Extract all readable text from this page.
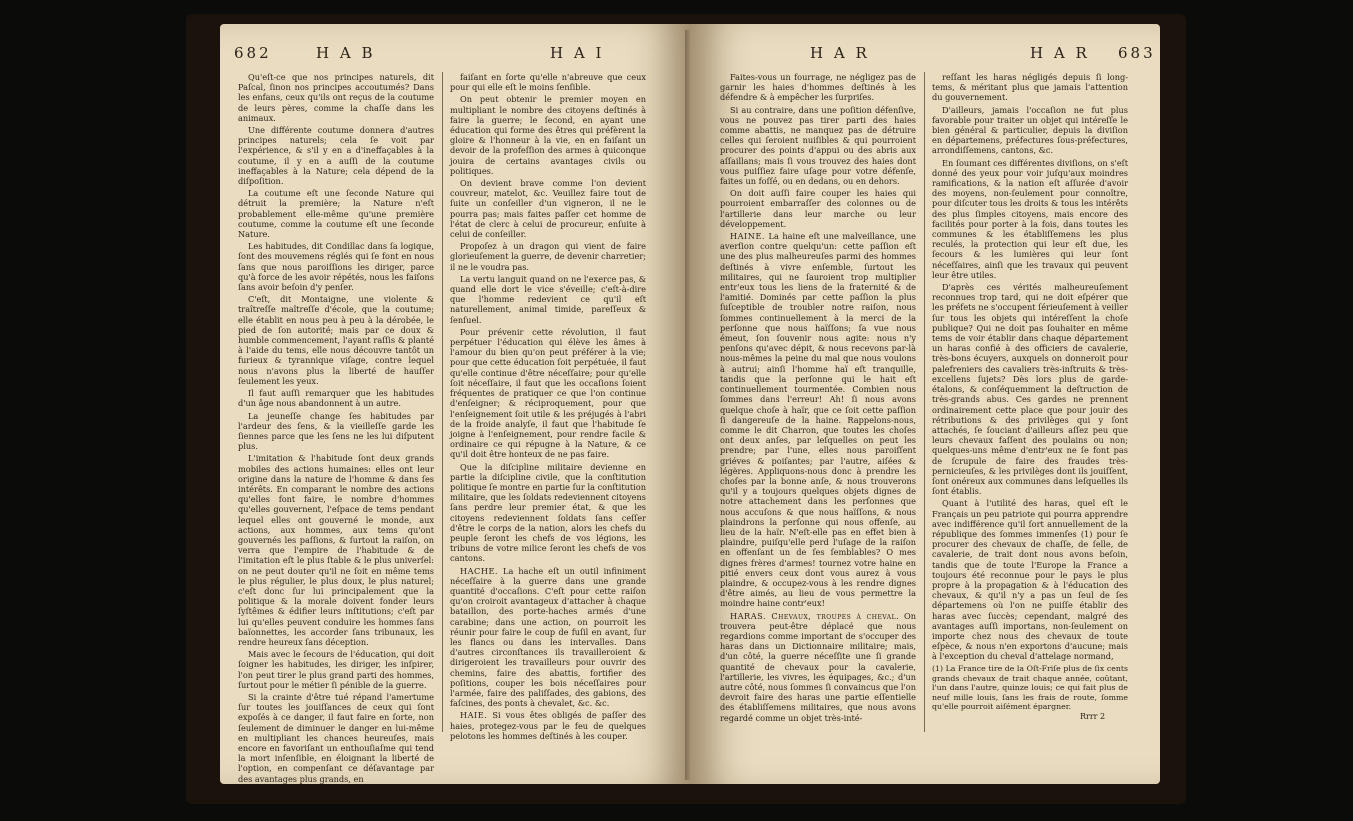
682	H A B	H A I

Qu'eſt-ce que nos principes naturels, dit Paſcal, ſinon nos principes accoutumés? Dans les enfans, ceux qu'ils ont reçus de la coutume de leurs pères, comme la chaſſe dans les animaux.

Une différente coutume donnera d'autres principes naturels; cela ſe voit par l'expérience, & s'il y en a d'ineffaçables à la coutume, il y en a auſſi de la coutume ineffaçables à la Nature; cela dépend de la diſpoſition.

La coutume eſt une ſeconde Nature qui détruit la première; la Nature n'eſt probablement elle-même qu'une première coutume, comme la coutume eſt une ſeconde Nature.

Les habitudes, dit Condillac dans ſa logique, ſont des mouvemens réglés qui ſe font en nous ſans que nous paroiſſions les diriger, parce qu'à force de les avoir répétés, nous les faiſons ſans avoir beſoin d'y penſer.

C'eſt, dit Montaigne, une violente & traîtreſſe maîtreſſe d'école, que la coutume; elle établit en nous peu à peu à la dérobée, le pied de ſon autorité; mais par ce doux & humble commencement, l'ayant raſſis & planté à l'aide du tems, elle nous découvre tantôt un furieux & tyrannique viſage, contre lequel nous n'avons plus la liberté de hauſſer ſeulement les yeux.

Il faut auſſi remarquer que les habitudes d'un âge nous abandonnent à un autre.

La jeuneſſe change ſes habitudes par l'ardeur des ſens, & la vieilleſſe garde les ſiennes parce que les ſens ne les lui diſputent plus.

L'imitation & l'habitude ſont deux grands mobiles des actions humaines: elles ont leur origine dans la nature de l'homme & dans ſes intérêts. En comparant le nombre des actions qu'elles font faire, le nombre d'hommes qu'elles gouvernent, l'eſpace de tems pendant lequel elles ont gouverné le monde, aux actions, aux hommes, aux tems qu'ont gouvernés les paſſions, & ſurtout la raiſon, on verra que l'empire de l'habitude & de l'imitation eſt le plus ſtable & le plus univerſel: on ne peut douter qu'il ne ſoit en même tems le plus régulier, le plus doux, le plus naturel; c'eſt donc ſur lui principalement que la politique & la morale doivent fonder leurs ſyſtêmes & édifier leurs inſtitutions; c'eſt par lui qu'elles peuvent conduire les hommes ſans baïonnettes, les accorder ſans tribunaux, les rendre heureux ſans déception.

Mais avec le ſecours de l'éducation, qui doit ſoigner les habitudes, les diriger, les inſpirer, l'on peut tirer le plus grand parti des hommes, ſurtout pour le métier ſi pénible de la guerre.

Si la crainte d'être tué répand l'amertume ſur toutes les jouiſſances de ceux qui ſont expoſés à ce danger, il faut faire en ſorte, non ſeulement de diminuer le danger en lui-même en multipliant les chances heureuſes, mais encore en favoriſant un enthouſiaſme qui tend la mort inſenſible, en éloignant la liberté de l'option, en compenſant ce déſavantage par des avantages plus grands, en

faiſant en ſorte qu'elle n'abreuve que ceux pour qui elle eſt le moins ſenſible.

On peut obtenir le premier moyen en multipliant le nombre des citoyens deſtinés à faire la guerre; le ſecond, en ayant une éducation qui forme des êtres qui préfèrent la gloire & l'honneur à la vie, en en faiſant un devoir de la profeſſion des armes à quiconque jouira de certains avantages civils ou politiques.

On devient brave comme l'on devient couvreur, matelot, &c. Veuillez faire tout de ſuite un conſeiller d'un vigneron, il ne le pourra pas; mais faites paſſer cet homme de l'état de clerc à celui de procureur, enſuite à celui de conſeiller.

Propoſez à un dragon qui vient de faire glorieuſement la guerre, de devenir charretier; il ne le voudra pas.

La vertu languit quand on ne l'exerce pas, & quand elle dort le vice s'éveille; c'eſt-à-dire que l'homme redevient ce qu'il eſt naturellement, animal timide, pareſſeux & ſenſuel.

Pour prévenir cette révolution, il faut perpétuer l'éducation qui élève les âmes à l'amour du bien qu'on peut préférer à la vie; pour que cette éducation ſoit perpétuée, il faut qu'elle continue d'être néceſſaire; pour qu'elle ſoit néceſſaire, il faut que les occaſions ſoient fréquentes de pratiquer ce que l'on continue d'enſeigner; & réciproquement, pour que l'enſeignement ſoit utile & les préjugés à l'abri de la froide analyſe, il faut que l'habitude ſe joigne à l'enſeignement, pour rendre facile & ordinaire ce qui répugne à la Nature, & ce qu'il doit être honteux de ne pas faire.

Que la diſcipline militaire devienne en partie la diſcipline civile, que la conſtitution politique ſe montre en partie ſur la conſtitution militaire, que les ſoldats redeviennent citoyens ſans perdre leur premier état, & que les citoyens redeviennent ſoldats ſans ceſſer d'être le corps de la nation, alors les chefs du peuple ſeront les chefs de vos légions, les tribuns de votre milice ſeront les chefs de vos cantons.

HACHE. La hache eſt un outil infiniment néceſſaire à la guerre dans une grande quantité d'occaſions. C'eſt pour cette raiſon qu'on croiroit avantageux d'attacher à chaque bataillon, des porte-haches armés d'une carabine; dans une action, on pourroit les réunir pour faire le coup de fuſil en avant, ſur les flancs ou dans les intervalles. Dans d'autres circonſtances ils travailleroient & dirigeroient les travailleurs pour ouvrir des chemins, faire des abattis, fortifier des poſitions, couper les bois néceſſaires pour l'armée, faire des paliſſades, des gabions, des faſcines, des ponts à chevalet, &c. &c.

HAIE. Si vous êtes obligés de paſſer des haies, protegez-vous par le feu de quelques pelotons les hommes deſtinés à les couper.

H A R	H A R 683

Faites-vous un fourrage, ne négligez pas de garnir les haies d'hommes deſtinés à les défendre & à empêcher les ſurpriſes.

Si au contraire, dans une poſition défenſive, vous ne pouvez pas tirer parti des haies comme abattis, ne manquez pas de détruire celles qui ſeroient nuiſibles & qui pourroient procurer des points d'appui ou des abris aux aſſaillans; mais ſi vous trouvez des haies dont vous puiſſiez faire uſage pour votre défenſe, faites un foſſé, ou en dedans, ou en dehors.

On doit auſſi faire couper les haies qui pourroient embarraſſer des colonnes ou de l'artillerie dans leur marche ou leur développement.

HAINE. La haine eſt une malveillance, une averſion contre quelqu'un: cette paſſion eſt une des plus malheureuſes parmi des hommes deſtinés à vivre enſemble, ſurtout les militaires, qui ne ſauroient trop multiplier entr'eux tous les liens de la fraternité & de l'amitié. Dominés par cette paſſion la plus ſuſceptible de troubler notre raiſon, nous ſommes continuellement à la merci de la perſonne que nous haïſſons; ſa vue nous émeut, ſon ſouvenir nous agite: nous n'y penſons qu'avec dépit, & nous recevons par-là nous-mêmes la peine du mal que nous voulons à autrui; ainſi l'homme haï eſt tranquille, tandis que la perſonne qui le hait eſt continuellement tourmentée. Combien nous ſommes dans l'erreur! Ah! ſi nous avons quelque choſe à haïr, que ce ſoit cette paſſion ſi dangereuſe de la haine. Rappelons-nous, comme le dit Charron, que toutes les choſes ont deux anſes, par leſquelles on peut les prendre; par l'une, elles nous paroiſſent griéves & poiſantes; par l'autre, aiſées & légères. Appliquons-nous donc à prendre les choſes par la bonne anſe, & nous trouverons qu'il y a toujours quelques objets dignes de notre attachement dans les perſonnes que nous accuſons & que nous haïſſons, & nous plaindrons la perſonne qui nous offenſe, au lieu de la haïr. N'eſt-elle pas en effet bien à plaindre, puiſqu'elle perd l'uſage de la raiſon en offenſant un de ſes ſemblables? O mes dignes frères d'armes! tournez votre haine en pitié envers ceux dont vous aurez à vous plaindre, & occupez-vous à les rendre dignes d'être aimés, au lieu de vous permettre la moindre haine contr'eux!

HARAS. Chevaux, troupes à cheval. On trouvera peut-être déplacé que nous regardions comme important de s'occuper des haras dans un Dictionnaire militaire; mais, d'un côté, la guerre néceſſite une ſi grande quantité de chevaux pour la cavalerie, l'artillerie, les vivres, les équipages, &c.; d'un autre côté, nous ſommes ſi convaincus que l'on devroit faire des haras une partie eſſentielle des établiſſemens militaires, que nous avons regardé comme un objet très-inté-

reſſant les haras négligés depuis ſi long-tems, & méritant plus que jamais l'attention du gouvernement.

D'ailleurs, jamais l'occaſion ne fut plus favorable pour traiter un objet qui intéreſſe le bien général & particulier, depuis la diviſion en départemens, préfectures ſous-préfectures, arrondiſſemens, cantons, &c.

En ſoumant ces différentes diviſions, on s'eſt donné des yeux pour voir juſqu'aux moindres ramifications, & la nation eſt aſſurée d'avoir des moyens, non-ſeulement pour connoître, pour diſcuter tous les droits & tous les intérêts des plus ſimples citoyens, mais encore des facilités pour porter à la fois, dans toutes les communes & les établiſſemens les plus reculés, la protection qui leur eſt due, les ſecours & les lumières qui leur ſont néceſſaires, ainſi que les travaux qui peuvent leur être utiles.

D'après ces vérités malheureuſement reconnues trop tard, qui ne doit eſpérer que les préfets ne s'occupent ſérieuſement à veiller ſur tous les objets qui intéreſſent la choſe publique? Qui ne doit pas ſouhaiter en même tems de voir établir dans chaque département un haras confié à des officiers de cavalerie, très-bons écuyers, auxquels on donneroit pour palefreniers des cavaliers très-inſtruits & très-excellens ſujets? Dès lors plus de garde-étalons, & conſéquemment la deſtruction de très-grands abus. Ces gardes ne prennent ordinairement cette place que pour jouir des rétributions & des privilèges qui y ſont attachés, ſe ſouciant d'ailleurs aſſez peu que leurs chevaux faſſent des poulains ou non; quelques-uns même d'entr'eux ne ſe font pas de ſcrupule de faire des fraudes très-pernicieuſes, & les privilèges dont ils jouiſſent, ſont onéreux aux communes dans leſquelles ils ſont établis.

Quant à l'utilité des haras, quel eſt le Français un peu patriote qui pourra apprendre avec indifférence qu'il ſort annuellement de la république des ſommes immenſes (1) pour ſe procurer des chevaux de chaſſe, de ſelle, de cavalerie, de trait dont nous avons beſoin, tandis que de toute l'Europe la France a toujours été reconnue pour le pays le plus propre à la propagation & à l'éducation des chevaux, & qu'il n'y a pas un ſeul de ſes départemens où l'on ne puiſſe établir des haras avec ſuccès; cependant, malgré des avantages auſſi importans, non-ſeulement on importe chez nous des chevaux de toute eſpèce, & nous n'en exportons d'aucune; mais à l'exception du cheval d'attelage normand,

(1) La France tire de la Oſt-Friſe plus de ſix cents grands chevaux de trait chaque année, coûtant, l'un dans l'autre, quinze louis; ce qui fait plus de neuf mille louis, ſans les frais de route, ſomme qu'elle pourroit aiſément épargner.
Rrrr 2
